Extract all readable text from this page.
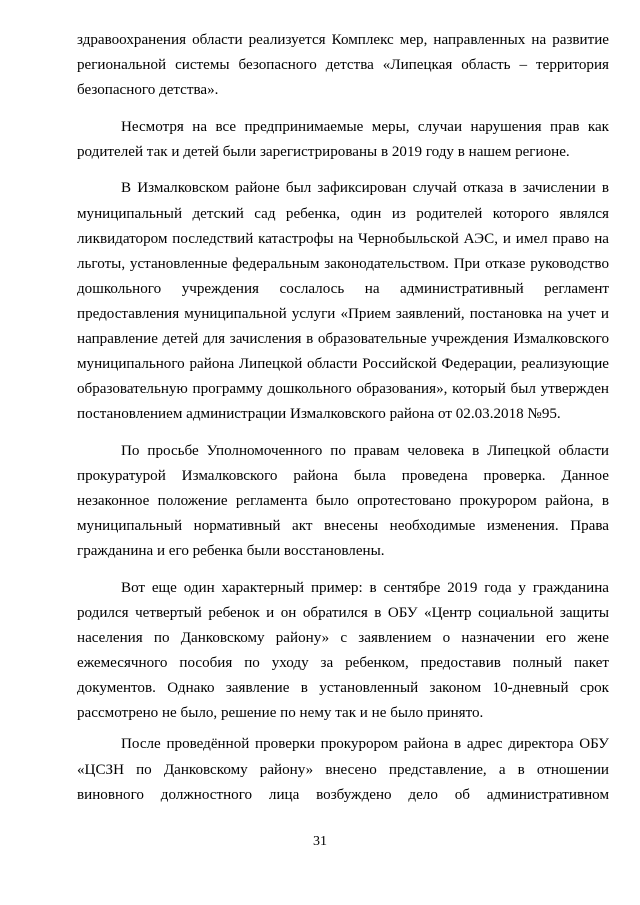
здравоохранения области реализуется Комплекс мер, направленных на развитие
региональной системы безопасного детства «Липецкая область – территория
безопасного детства».
Несмотря на все предпринимаемые меры, случаи нарушения прав как
родителей так и детей были зарегистрированы в 2019 году в нашем регионе.
В Измалковском районе был зафиксирован случай отказа в зачислении в
муниципальный детский сад ребенка, один из родителей которого являлся
ликвидатором последствий катастрофы на Чернобыльской АЭС, и имел право на
льготы, установленные федеральным законодательством. При отказе руководство
дошкольного учреждения сослалось на административный регламент
предоставления муниципальной услуги «Прием заявлений, постановка на учет и
направление детей для зачисления в образовательные учреждения Измалковского
муниципального района Липецкой области Российской Федерации, реализующие
образовательную программу дошкольного образования», который был утвержден
постановлением администрации Измалковского района от 02.03.2018 №95.
По просьбе Уполномоченного по правам человека в Липецкой области
прокуратурой Измалковского района была проведена проверка. Данное
незаконное положение регламента было опротестовано прокурором района, в
муниципальный нормативный акт внесены необходимые изменения. Права
гражданина и его ребенка были восстановлены.
Вот еще один характерный пример: в сентябре 2019 года у гражданина
родился четвертый ребенок и он обратился в ОБУ «Центр социальной защиты
населения по Данковскому району» с заявлением о назначении его жене
ежемесячного пособия по уходу за ребенком, предоставив полный пакет
документов. Однако заявление в установленный законом 10-дневный срок
рассмотрено не было, решение по нему так и не было принято.
После проведённой проверки прокурором района в адрес директора ОБУ
«ЦСЗН по Данковскому району» внесено представление, а в отношении
виновного должностного лица возбуждено дело об административном
31
